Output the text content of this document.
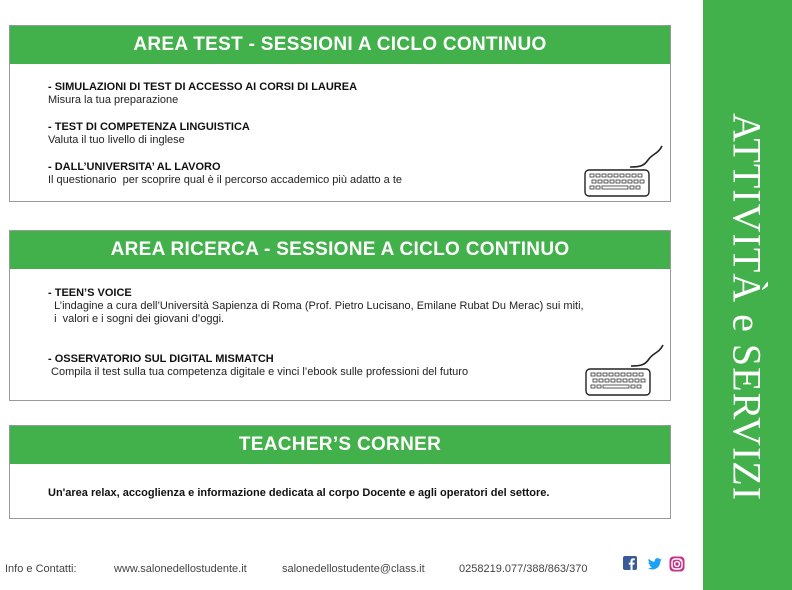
AREA TEST - SESSIONI A CICLO CONTINUO
- SIMULAZIONI DI TEST DI ACCESSO AI CORSI DI LAUREA
Misura la tua preparazione
- TEST DI COMPETENZA LINGUISTICA
Valuta il tuo livello di inglese
- DALL’UNIVERSITA’ AL LAVORO
Il questionario  per scoprire qual è il percorso accademico più adatto a te
AREA RICERCA - SESSIONE A CICLO CONTINUO
- TEEN’S VOICE
L’indagine a cura dell’Università Sapienza di Roma (Prof. Pietro Lucisano, Emilane Rubat Du Merac) sui miti,
i  valori e i sogni dei giovani d’oggi.
- OSSERVATORIO SUL DIGITAL MISMATCH
Compila il test sulla tua competenza digitale e vinci l’ebook sulle professioni del futuro
TEACHER’S CORNER
Un'area relax, accoglienza e informazione dedicata al corpo Docente e agli operatori del settore.	ATTIVITÀ e SERVIZI
Info e Contatti:	www.salonedellostudente.it	salonedellostudente@class.it	0258219.077/388/863/370
